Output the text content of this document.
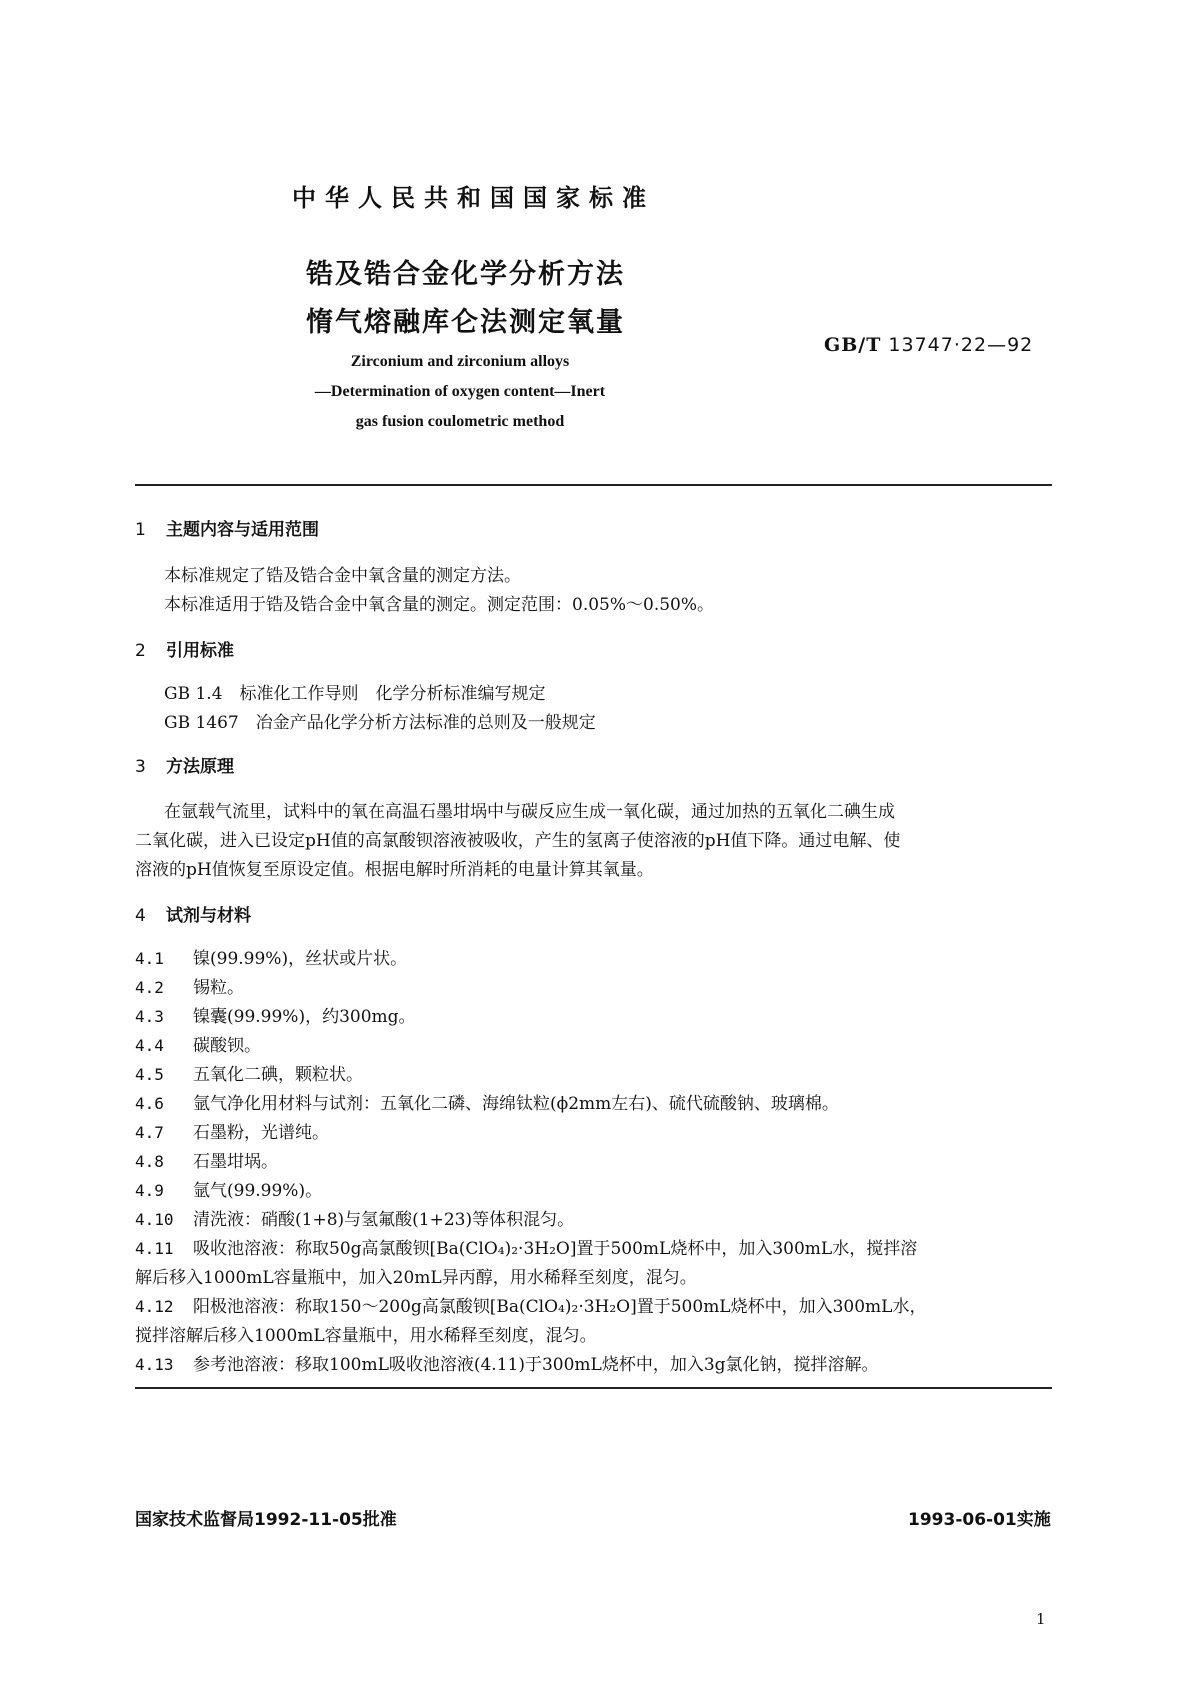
中华人民共和国国家标准
锆及锆合金化学分析方法
惰气熔融库仑法测定氧量
GB/T 13747·22—92
Zirconium and zirconium alloys
—Determination of oxygen content—Inert
gas fusion coulometric method
1 主题内容与适用范围
本标准规定了锆及锆合金中氧含量的测定方法。
本标准适用于锆及锆合金中氧含量的测定。测定范围：0.05%～0.50%。
2 引用标准
GB 1.4　标准化工作导则　化学分析标准编写规定
GB 1467　冶金产品化学分析方法标准的总则及一般规定
3 方法原理
在氩载气流里，试料中的氧在高温石墨坩埚中与碳反应生成一氧化碳，通过加热的五氧化二碘生成
二氧化碳，进入已设定pH值的高氯酸钡溶液被吸收，产生的氢离子使溶液的pH值下降。通过电解、使
溶液的pH值恢复至原设定值。根据电解时所消耗的电量计算其氧量。
4 试剂与材料
4.1 镍(99.99%)，丝状或片状。
4.2 锡粒。
4.3 镍囊(99.99%)，约300mg。
4.4 碳酸钡。
4.5 五氧化二碘，颗粒状。
4.6 氩气净化用材料与试剂：五氧化二磷、海绵钛粒(ϕ2mm左右)、硫代硫酸钠、玻璃棉。
4.7 石墨粉，光谱纯。
4.8 石墨坩埚。
4.9 氩气(99.99%)。
4.10 清洗液：硝酸(1+8)与氢氟酸(1+23)等体积混匀。
4.11 吸收池溶液：称取50g高氯酸钡[Ba(ClO₄)₂·3H₂O]置于500mL烧杯中，加入300mL水，搅拌溶
解后移入1000mL容量瓶中，加入20mL异丙醇，用水稀释至刻度，混匀。
4.12 阳极池溶液：称取150～200g高氯酸钡[Ba(ClO₄)₂·3H₂O]置于500mL烧杯中，加入300mL水，
搅拌溶解后移入1000mL容量瓶中，用水稀释至刻度，混匀。
4.13 参考池溶液：移取100mL吸收池溶液(4.11)于300mL烧杯中，加入3g氯化钠，搅拌溶解。
国家技术监督局1992-11-05批准	1993-06-01实施
1
